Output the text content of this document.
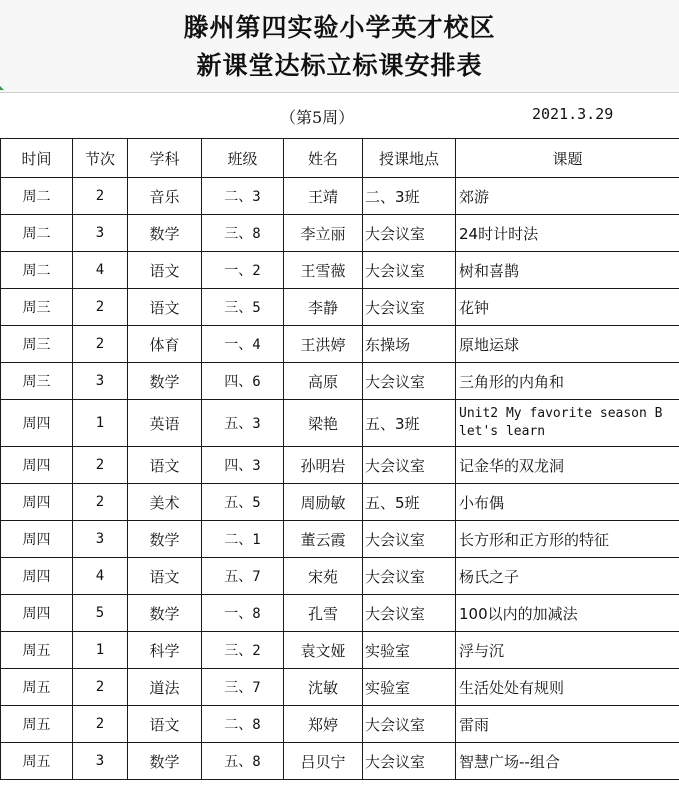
滕州第四实验小学英才校区
新课堂达标立标课安排表
（第5周）	2021.3.29
时间	节次	学科	班级	姓名	授课地点	课题
周二	2	音乐	二、3	王靖	二、3班	郊游
周二	3	数学	三、8	李立丽	大会议室	24时计时法
周二	4	语文	一、2	王雪薇	大会议室	树和喜鹊
周三	2	语文	三、5	李静	大会议室	花钟
周三	2	体育	一、4	王洪婷	东操场	原地运球
周三	3	数学	四、6	高原	大会议室	三角形的内角和
周四	1	英语	五、3	梁艳	五、3班	Unit2 My favorite season B let's learn
周四	2	语文	四、3	孙明岩	大会议室	记金华的双龙洞
周四	2	美术	五、5	周励敏	五、5班	小布偶
周四	3	数学	二、1	董云霞	大会议室	长方形和正方形的特征
周四	4	语文	五、7	宋苑	大会议室	杨氏之子
周四	5	数学	一、8	孔雪	大会议室	100以内的加减法
周五	1	科学	三、2	袁文娅	实验室	浮与沉
周五	2	道法	三、7	沈敏	实验室	生活处处有规则
周五	2	语文	二、8	郑婷	大会议室	雷雨
周五	3	数学	五、8	吕贝宁	大会议室	智慧广场--组合
